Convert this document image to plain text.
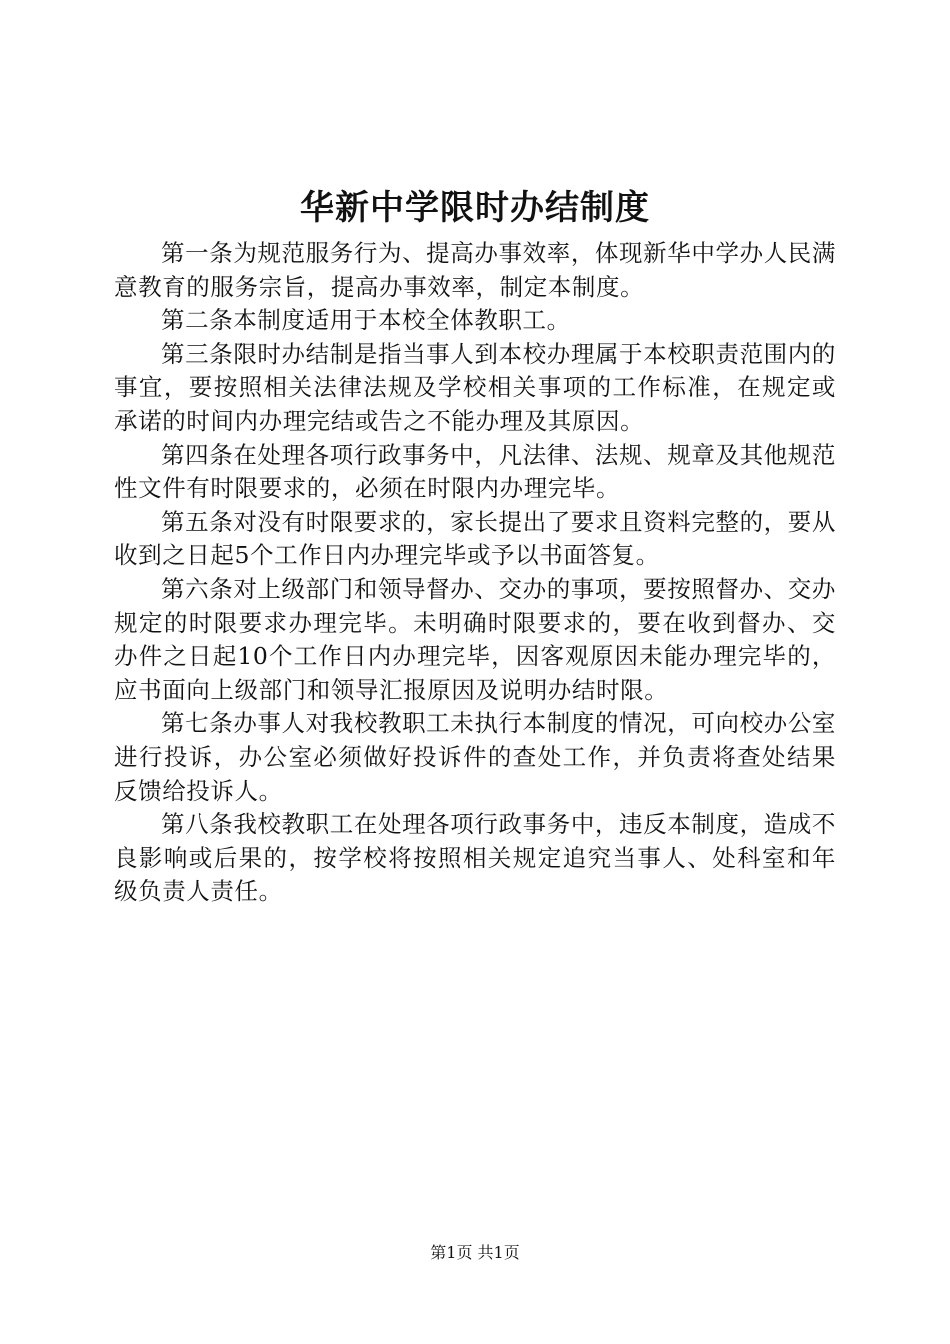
华新中学限时办结制度

第一条为规范服务行为、提高办事效率，体现新华中学办人民满意教育的服务宗旨，提高办事效率，制定本制度。

第二条本制度适用于本校全体教职工。

第三条限时办结制是指当事人到本校办理属于本校职责范围内的事宜，要按照相关法律法规及学校相关事项的工作标准，在规定或承诺的时间内办理完结或告之不能办理及其原因。

第四条在处理各项行政事务中，凡法律、法规、规章及其他规范性文件有时限要求的，必须在时限内办理完毕。

第五条对没有时限要求的，家长提出了要求且资料完整的，要从收到之日起5个工作日内办理完毕或予以书面答复。

第六条对上级部门和领导督办、交办的事项，要按照督办、交办规定的时限要求办理完毕。未明确时限要求的，要在收到督办、交办件之日起10个工作日内办理完毕，因客观原因未能办理完毕的，应书面向上级部门和领导汇报原因及说明办结时限。

第七条办事人对我校教职工未执行本制度的情况，可向校办公室进行投诉，办公室必须做好投诉件的查处工作，并负责将查处结果反馈给投诉人。

第八条我校教职工在处理各项行政事务中，违反本制度，造成不良影响或后果的，按学校将按照相关规定追究当事人、处科室和年级负责人责任。

第1页 共1页
